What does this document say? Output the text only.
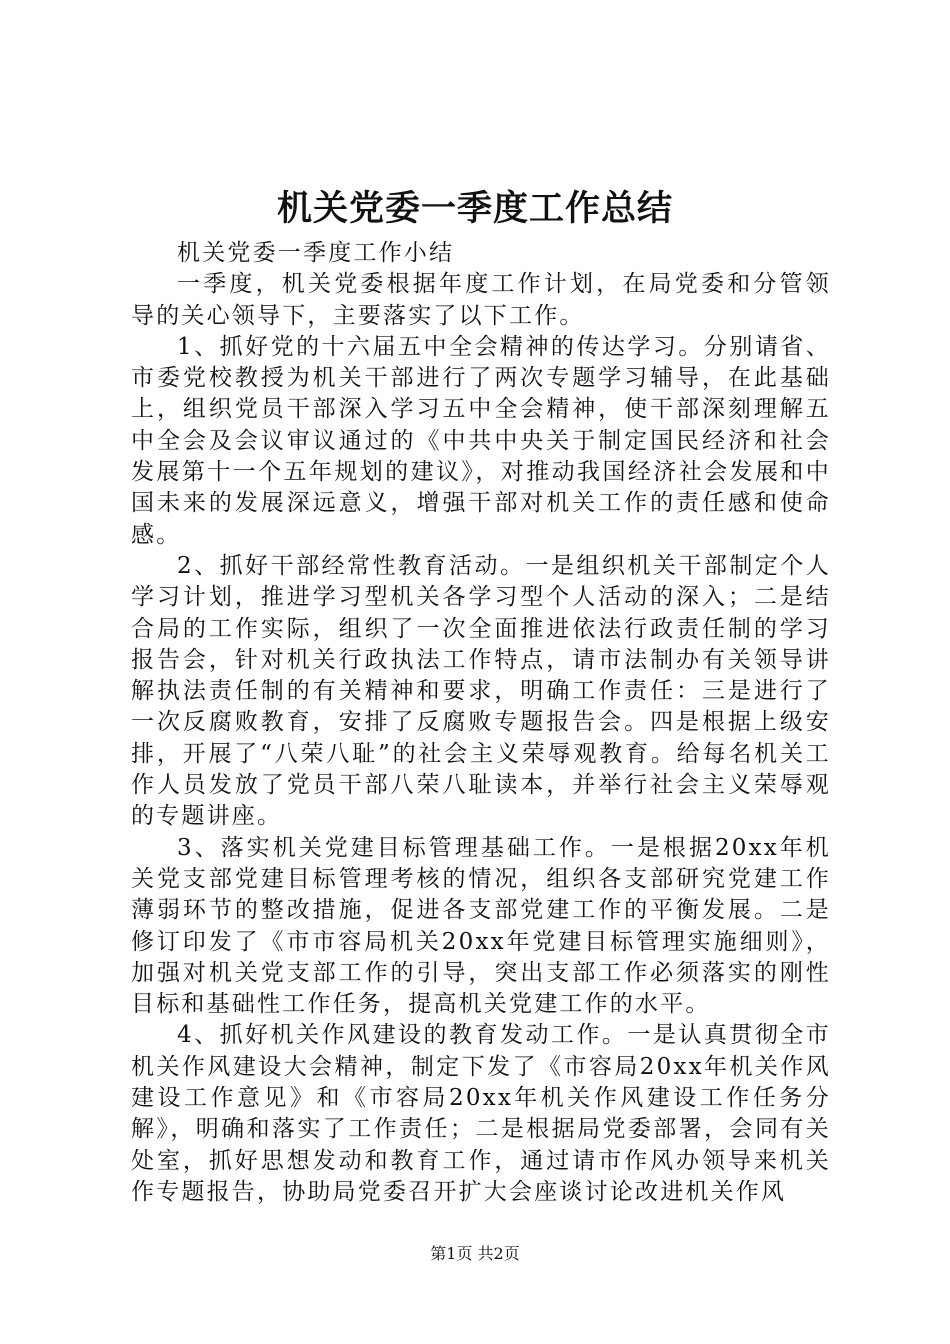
机关党委一季度工作总结

机关党委一季度工作小结

一季度，机关党委根据年度工作计划，在局党委和分管领导的关心领导下，主要落实了以下工作。

1、抓好党的十六届五中全会精神的传达学习。分别请省、市委党校教授为机关干部进行了两次专题学习辅导，在此基础上，组织党员干部深入学习五中全会精神，使干部深刻理解五中全会及会议审议通过的《中共中央关于制定国民经济和社会发展第十一个五年规划的建议》，对推动我国经济社会发展和中国未来的发展深远意义，增强干部对机关工作的责任感和使命感。

2、抓好干部经常性教育活动。一是组织机关干部制定个人学习计划，推进学习型机关各学习型个人活动的深入；二是结合局的工作实际，组织了一次全面推进依法行政责任制的学习报告会，针对机关行政执法工作特点，请市法制办有关领导讲解执法责任制的有关精神和要求，明确工作责任：三是进行了一次反腐败教育，安排了反腐败专题报告会。四是根据上级安排，开展了“八荣八耻”的社会主义荣辱观教育。给每名机关工作人员发放了党员干部八荣八耻读本，并举行社会主义荣辱观的专题讲座。

3、落实机关党建目标管理基础工作。一是根据20xx年机关党支部党建目标管理考核的情况，组织各支部研究党建工作薄弱环节的整改措施，促进各支部党建工作的平衡发展。二是修订印发了《市市容局机关20xx年党建目标管理实施细则》，加强对机关党支部工作的引导，突出支部工作必须落实的刚性目标和基础性工作任务，提高机关党建工作的水平。

4、抓好机关作风建设的教育发动工作。一是认真贯彻全市机关作风建设大会精神，制定下发了《市容局20xx年机关作风建设工作意见》和《市容局20xx年机关作风建设工作任务分解》，明确和落实了工作责任；二是根据局党委部署，会同有关处室，抓好思想发动和教育工作，通过请市作风办领导来机关作专题报告，协助局党委召开扩大会座谈讨论改进机关作风

第1页 共2页
